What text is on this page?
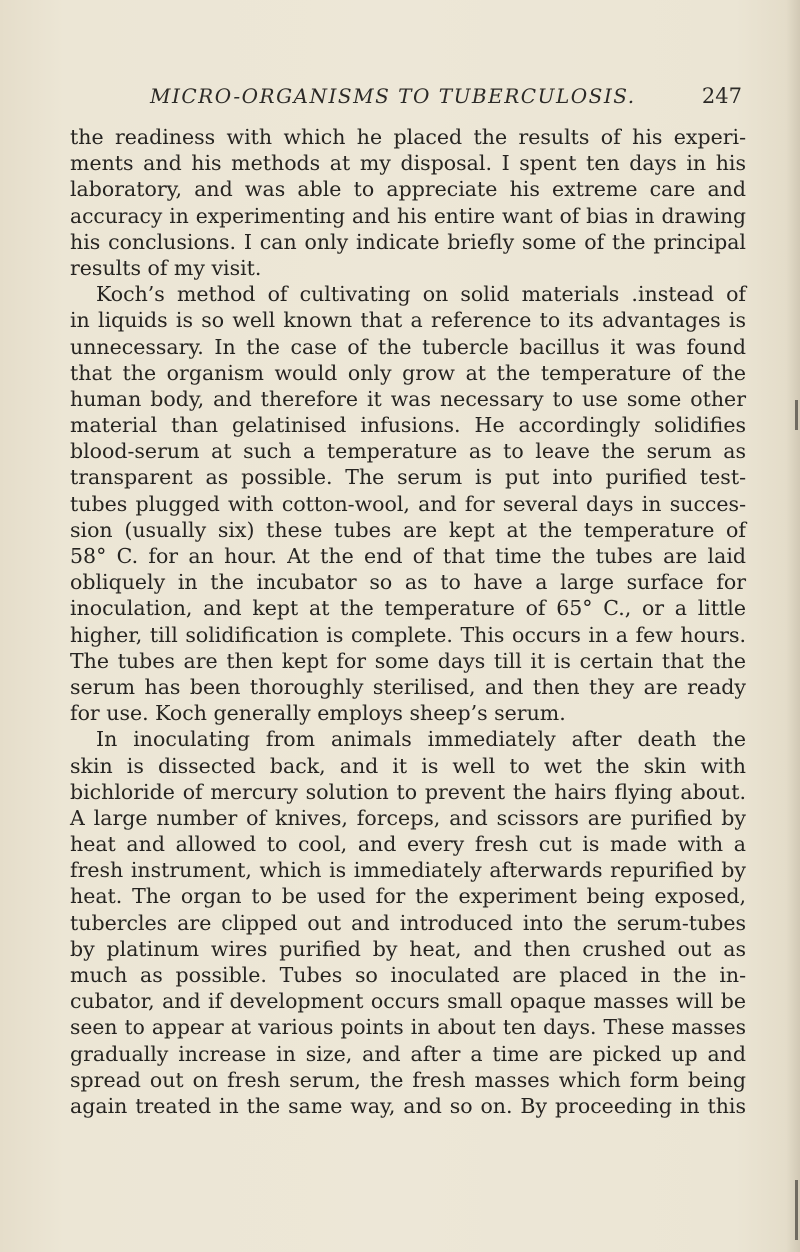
MICRO-ORGANISMS TO TUBERCULOSIS.	247
the readiness with which he placed the results of his experi-
ments and his methods at my disposal. I spent ten days in his
laboratory, and was able to appreciate his extreme care and
accuracy in experimenting and his entire want of bias in drawing
his conclusions. I can only indicate briefly some of the principal
results of my visit.
Koch’s method of cultivating on solid materials .instead of
in liquids is so well known that a reference to its advantages is
unnecessary. In the case of the tubercle bacillus it was found
that the organism would only grow at the temperature of the
human body, and therefore it was necessary to use some other
material than gelatinised infusions. He accordingly solidifies
blood-serum at such a temperature as to leave the serum as
transparent as possible. The serum is put into purified test-
tubes plugged with cotton-wool, and for several days in succes-
sion (usually six) these tubes are kept at the temperature of
58° C. for an hour. At the end of that time the tubes are laid
obliquely in the incubator so as to have a large surface for
inoculation, and kept at the temperature of 65° C., or a little
higher, till solidification is complete. This occurs in a few hours.
The tubes are then kept for some days till it is certain that the
serum has been thoroughly sterilised, and then they are ready
for use. Koch generally employs sheep’s serum.
In inoculating from animals immediately after death the
skin is dissected back, and it is well to wet the skin with
bichloride of mercury solution to prevent the hairs flying about.
A large number of knives, forceps, and scissors are purified by
heat and allowed to cool, and every fresh cut is made with a
fresh instrument, which is immediately afterwards repurified by
heat. The organ to be used for the experiment being exposed,
tubercles are clipped out and introduced into the serum-tubes
by platinum wires purified by heat, and then crushed out as
much as possible. Tubes so inoculated are placed in the in-
cubator, and if development occurs small opaque masses will be
seen to appear at various points in about ten days. These masses
gradually increase in size, and after a time are picked up and
spread out on fresh serum, the fresh masses which form being
again treated in the same way, and so on. By proceeding in this
